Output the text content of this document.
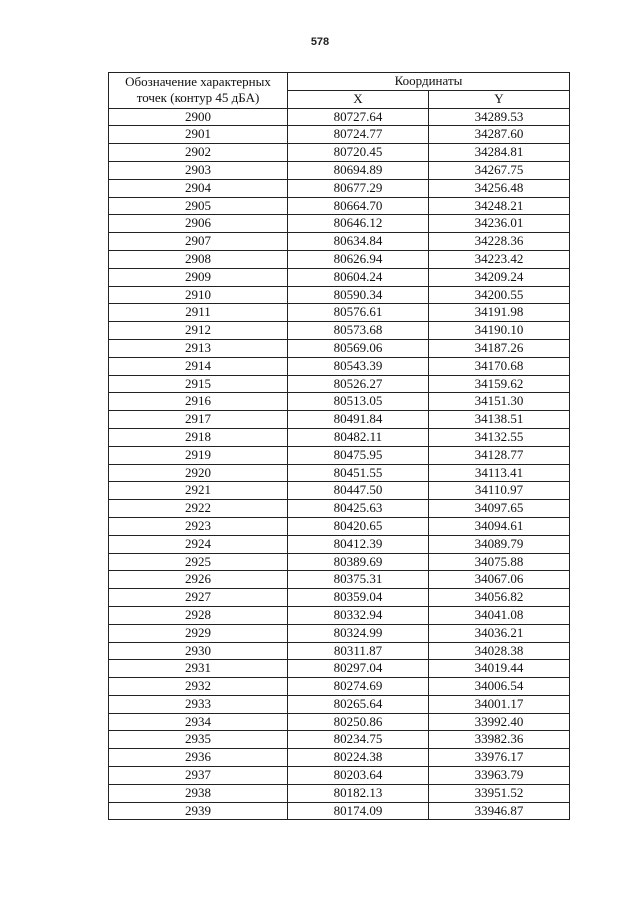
578
Обозначение характерных точек (контур 45 дБА)	Координаты	
	X	Y
2900	80727.64	34289.53
2901	80724.77	34287.60
2902	80720.45	34284.81
2903	80694.89	34267.75
2904	80677.29	34256.48
2905	80664.70	34248.21
2906	80646.12	34236.01
2907	80634.84	34228.36
2908	80626.94	34223.42
2909	80604.24	34209.24
2910	80590.34	34200.55
2911	80576.61	34191.98
2912	80573.68	34190.10
2913	80569.06	34187.26
2914	80543.39	34170.68
2915	80526.27	34159.62
2916	80513.05	34151.30
2917	80491.84	34138.51
2918	80482.11	34132.55
2919	80475.95	34128.77
2920	80451.55	34113.41
2921	80447.50	34110.97
2922	80425.63	34097.65
2923	80420.65	34094.61
2924	80412.39	34089.79
2925	80389.69	34075.88
2926	80375.31	34067.06
2927	80359.04	34056.82
2928	80332.94	34041.08
2929	80324.99	34036.21
2930	80311.87	34028.38
2931	80297.04	34019.44
2932	80274.69	34006.54
2933	80265.64	34001.17
2934	80250.86	33992.40
2935	80234.75	33982.36
2936	80224.38	33976.17
2937	80203.64	33963.79
2938	80182.13	33951.52
2939	80174.09	33946.87
